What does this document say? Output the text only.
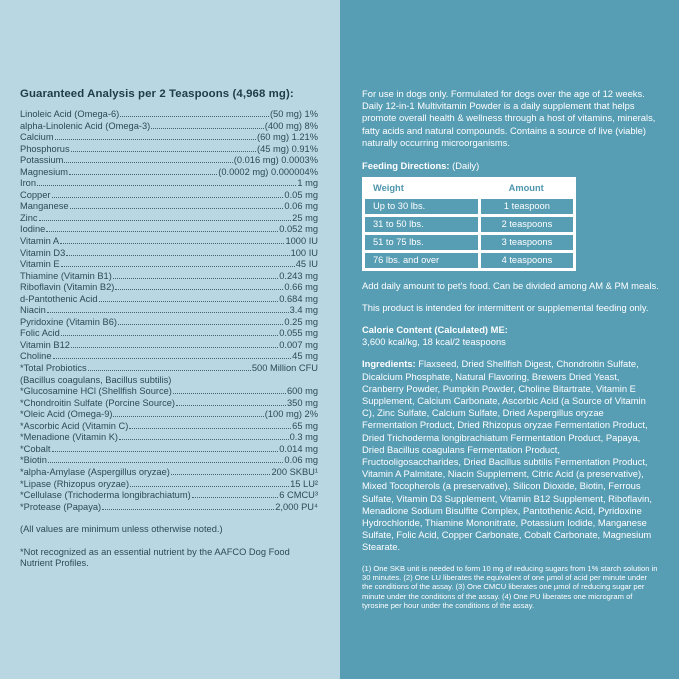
Guaranteed Analysis per 2 Teaspoons (4,968 mg):
Linoleic Acid (Omega-6)	(50 mg) 1%
alpha-Linolenic Acid (Omega-3)	(400 mg) 8%
Calcium	(60 mg) 1.21%
Phosphorus	(45 mg) 0.91%
Potassium	(0.016 mg) 0.0003%
Magnesium	(0.0002 mg) 0.000004%
Iron	1 mg
Copper	0.05 mg
Manganese	0.06 mg
Zinc	25 mg
Iodine	0.052 mg
Vitamin A	1000 IU
Vitamin D3	100 IU
Vitamin E	45 IU
Thiamine (Vitamin B1)	0.243 mg
Riboflavin (Vitamin B2)	0.66 mg
d-Pantothenic Acid	0.684 mg
Niacin	3.4 mg
Pyridoxine (Vitamin B6)	0.25 mg
Folic Acid	0.055 mg
Vitamin B12	0.007 mg
Choline	45 mg
*Total Probiotics	500 Million CFU
(Bacillus coagulans, Bacillus subtilis)
*Glucosamine HCl (Shellfish Source)	600 mg
*Chondroitin Sulfate (Porcine Source)	350 mg
*Oleic Acid (Omega-9)	(100 mg) 2%
*Ascorbic Acid (Vitamin C)	65 mg
*Menadione (Vitamin K)	0.3 mg
*Cobalt	0.014 mg
*Biotin	0.06 mg
*alpha-Amylase (Aspergillus oryzae)	200 SKBU¹
*Lipase (Rhizopus oryzae)	15 LU²
*Cellulase (Trichoderma longibrachiatum)	6 CMCU³
*Protease (Papaya)	2,000 PU⁴

(All values are minimum unless otherwise noted.)

*Not recognized as an essential nutrient by the AAFCO Dog Food Nutrient Profiles.

For use in dogs only. Formulated for dogs over the age of 12 weeks. Daily 12-in-1 Multivitamin Powder is a daily supplement that helps promote overall health & wellness through a host of vitamins, minerals, fatty acids and natural compounds. Contains a source of live (viable) naturally occurring microorganisms.

Feeding Directions: (Daily)

Weight	Amount
Up to 30 lbs.	1 teaspoon
31 to 50 lbs.	2 teaspoons
51 to 75 lbs.	3 teaspoons
76 lbs. and over	4 teaspoons

Add daily amount to pet's food. Can be divided among AM & PM meals.

This product is intended for intermittent or supplemental feeding only.

Calorie Content (Calculated) ME:
3,600 kcal/kg, 18 kcal/2 teaspoons

Ingredients: Flaxseed, Dried Shellfish Digest, Chondroitin Sulfate, Dicalcium Phosphate, Natural Flavoring, Brewers Dried Yeast, Cranberry Powder, Pumpkin Powder, Choline Bitartrate, Vitamin E Supplement, Calcium Carbonate, Ascorbic Acid (a Source of Vitamin C), Zinc Sulfate, Calcium Sulfate, Dried Aspergillus oryzae Fermentation Product, Dried Rhizopus oryzae Fermentation Product, Dried Trichoderma longibrachiatum Fermentation Product, Papaya, Dried Bacillus coagulans Fermentation Product, Fructooligosaccharides, Dried Bacillus subtilis Fermentation Product, Vitamin A Palmitate, Niacin Supplement, Citric Acid (a preservative), Mixed Tocopherols (a preservative), Silicon Dioxide, Biotin, Ferrous Sulfate, Vitamin D3 Supplement, Vitamin B12 Supplement, Riboflavin, Menadione Sodium Bisulfite Complex, Pantothenic Acid, Pyridoxine Hydrochloride, Thiamine Mononitrate, Potassium Iodide, Manganese Sulfate, Folic Acid, Copper Carbonate, Cobalt Carbonate, Magnesium Stearate.

(1) One SKB unit is needed to form 10 mg of reducing sugars from 1% starch solution in 30 minutes. (2) One LU liberates the equivalent of one µmol of acid per minute under the conditions of the assay. (3) One CMCU liberates one µmol of reducing sugar per minute under the conditions of the assay. (4) One PU liberates one microgram of tyrosine per hour under the conditions of the assay.
